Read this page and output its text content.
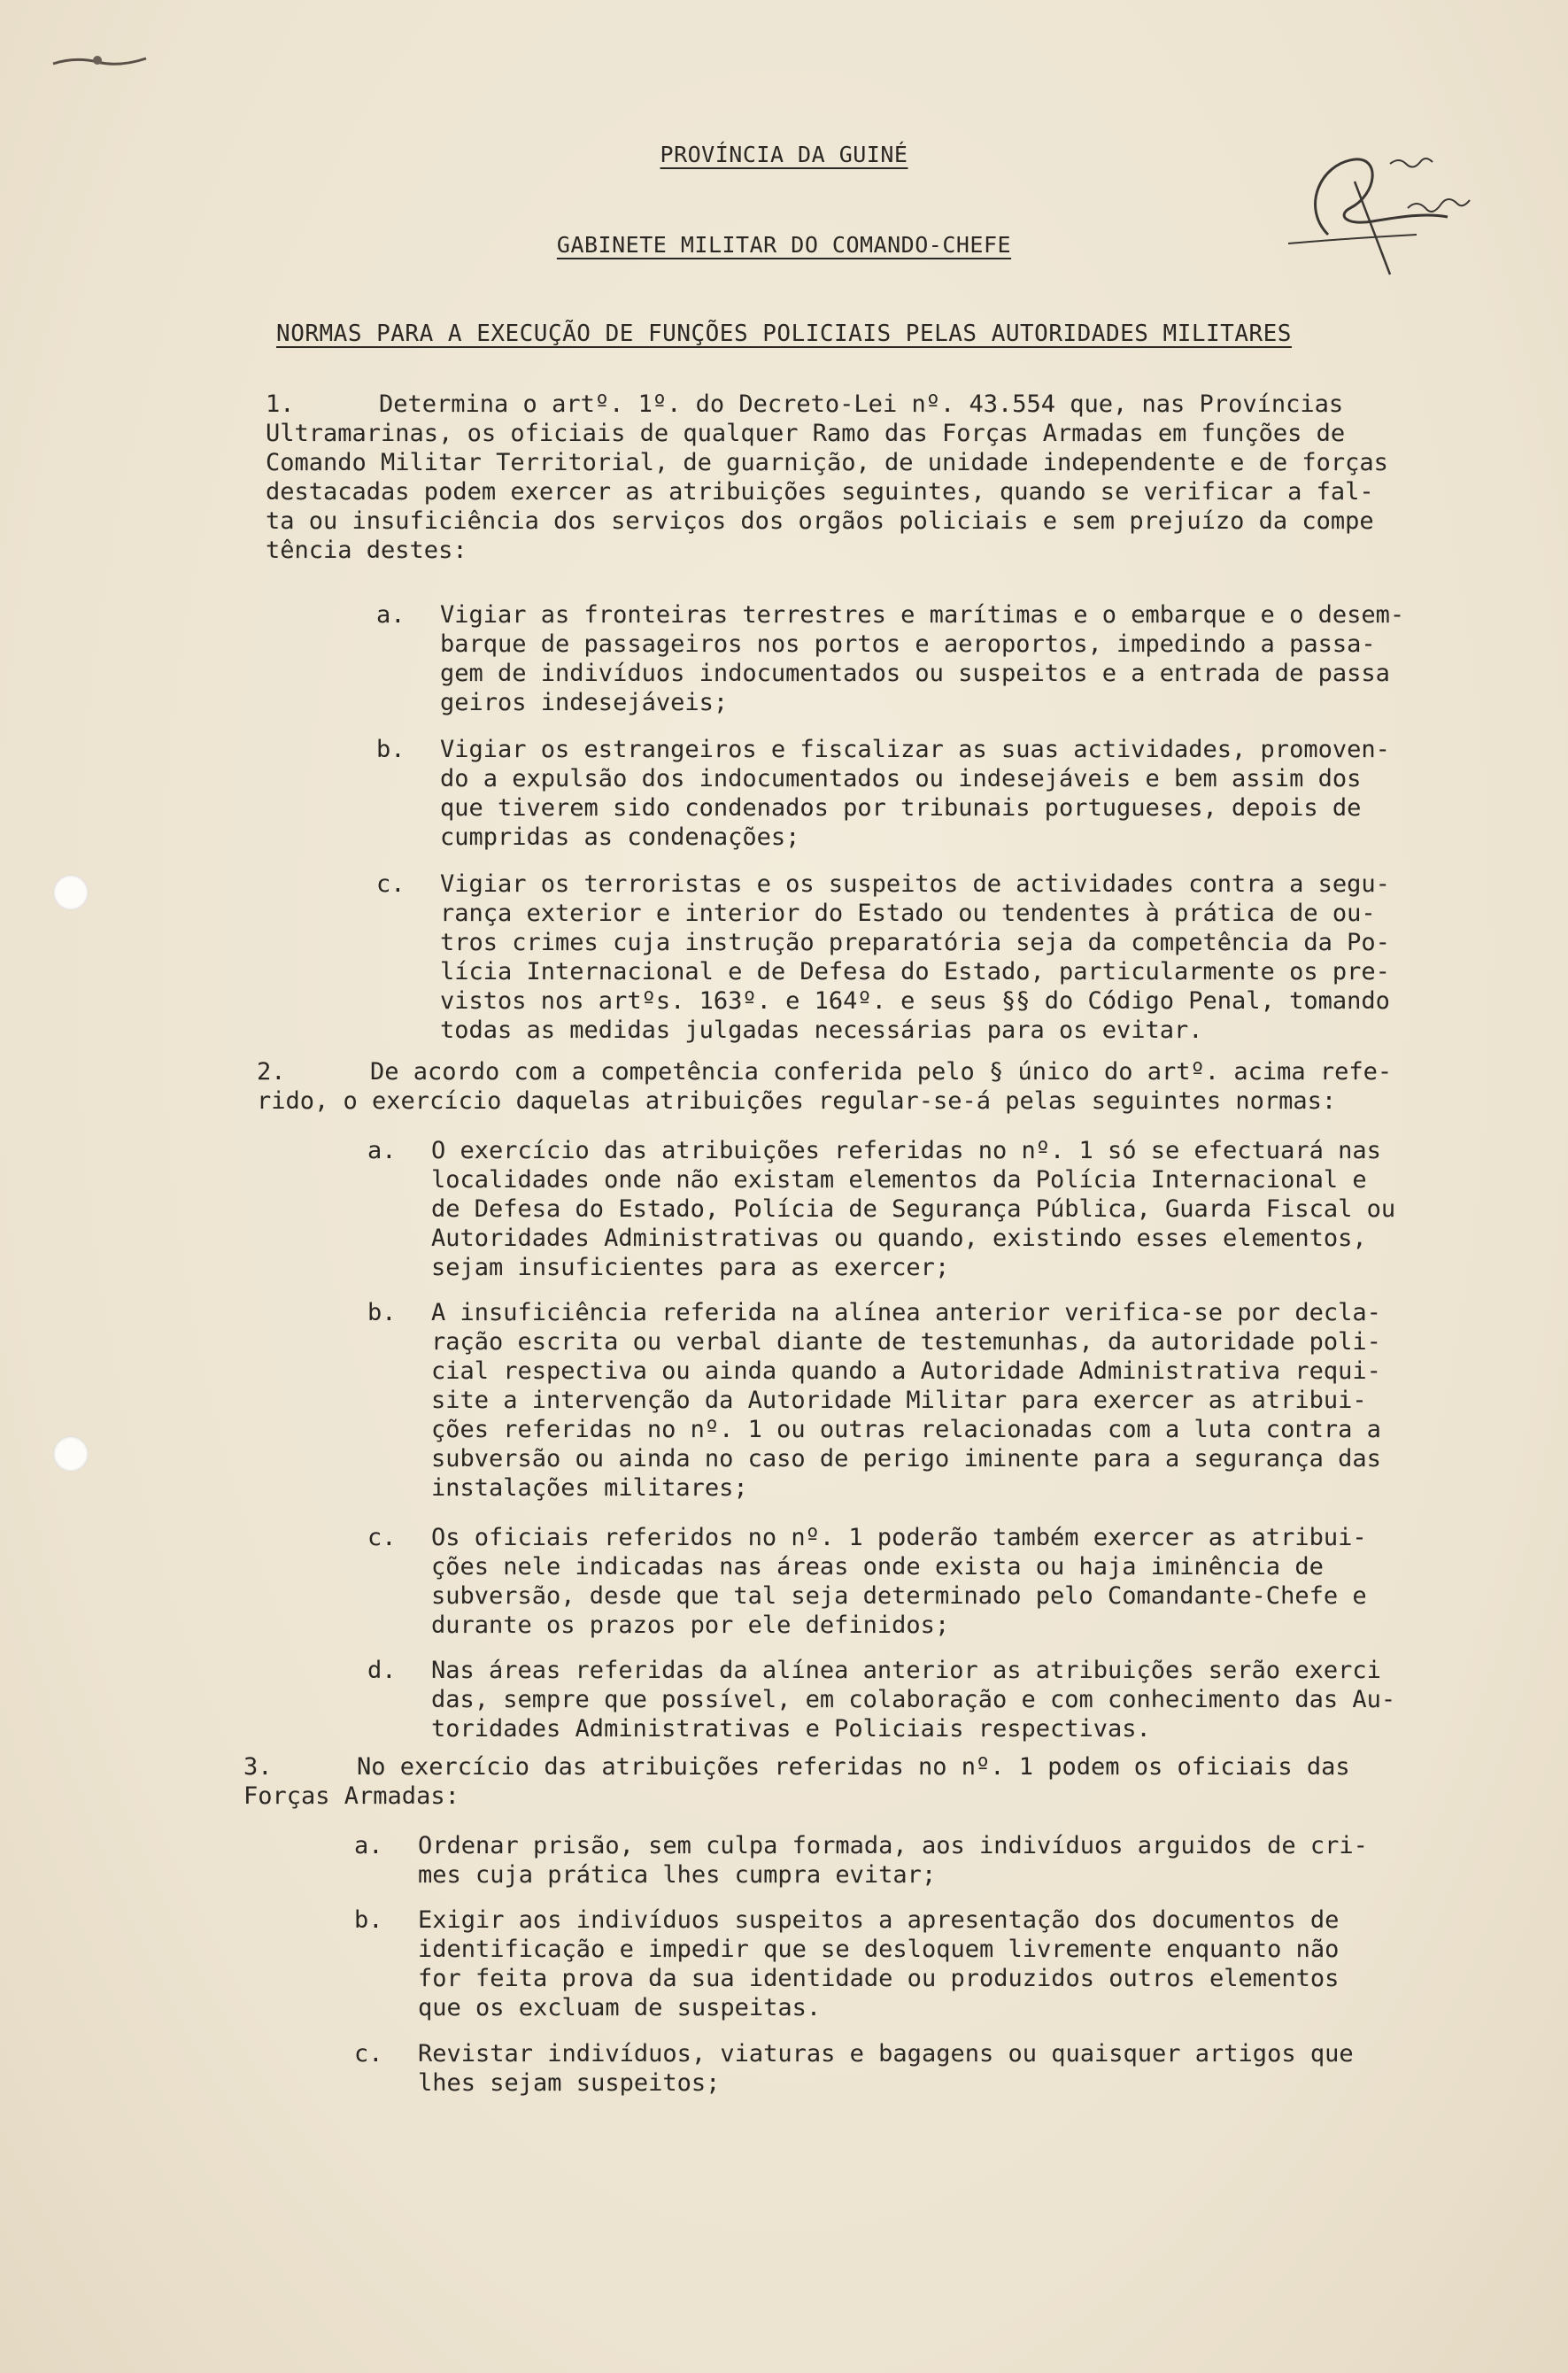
PROVÍNCIA DA GUINÉ
GABINETE MILITAR DO COMANDO-CHEFE
NORMAS PARA A EXECUÇÃO DE FUNÇÕES POLICIAIS PELAS AUTORIDADES MILITARES
1.	Determina o artº. 1º. do Decreto-Lei nº. 43.554 que, nas Províncias
Ultramarinas, os oficiais de qualquer Ramo das Forças Armadas em funções de
Comando Militar Territorial, de guarnição, de unidade independente e de forças
destacadas podem exercer as atribuições seguintes, quando se verificar a fal-
ta ou insuficiência dos serviços dos orgãos policiais e sem prejuízo da compe
tência destes:
a. Vigiar as fronteiras terrestres e marítimas e o embarque e o desem-
barque de passageiros nos portos e aeroportos, impedindo a passa-
gem de indivíduos indocumentados ou suspeitos e a entrada de passa
geiros indesejáveis;
b. Vigiar os estrangeiros e fiscalizar as suas actividades, promoven-
do a expulsão dos indocumentados ou indesejáveis e bem assim dos
que tiverem sido condenados por tribunais portugueses, depois de
cumpridas as condenações;
c. Vigiar os terroristas e os suspeitos de actividades contra a segu-
rança exterior e interior do Estado ou tendentes à prática de ou-
tros crimes cuja instrução preparatória seja da competência da Po-
lícia Internacional e de Defesa do Estado, particularmente os pre-
vistos nos artºs. 163º. e 164º. e seus §§ do Código Penal, tomando
todas as medidas julgadas necessárias para os evitar.
2.	De acordo com a competência conferida pelo § único do artº. acima refe-
rido, o exercício daquelas atribuições regular-se-á pelas seguintes normas:
a. O exercício das atribuições referidas no nº. 1 só se efectuará nas
localidades onde não existam elementos da Polícia Internacional e
de Defesa do Estado, Polícia de Segurança Pública, Guarda Fiscal ou
Autoridades Administrativas ou quando, existindo esses elementos,
sejam insuficientes para as exercer;
b. A insuficiência referida na alínea anterior verifica-se por decla-
ração escrita ou verbal diante de testemunhas, da autoridade poli-
cial respectiva ou ainda quando a Autoridade Administrativa requi-
site a intervenção da Autoridade Militar para exercer as atribui-
ções referidas no nº. 1 ou outras relacionadas com a luta contra a
subversão ou ainda no caso de perigo iminente para a segurança das
instalações militares;
c. Os oficiais referidos no nº. 1 poderão também exercer as atribui-
ções nele indicadas nas áreas onde exista ou haja iminência de
subversão, desde que tal seja determinado pelo Comandante-Chefe e
durante os prazos por ele definidos;
d. Nas áreas referidas da alínea anterior as atribuições serão exerci
das, sempre que possível, em colaboração e com conhecimento das Au-
toridades Administrativas e Policiais respectivas.
3.	No exercício das atribuições referidas no nº. 1 podem os oficiais das
Forças Armadas:
a. Ordenar prisão, sem culpa formada, aos indivíduos arguidos de cri-
mes cuja prática lhes cumpra evitar;
b. Exigir aos indivíduos suspeitos a apresentação dos documentos de
identificação e impedir que se desloquem livremente enquanto não
for feita prova da sua identidade ou produzidos outros elementos
que os excluam de suspeitas.
c. Revistar indivíduos, viaturas e bagagens ou quaisquer artigos que
lhes sejam suspeitos;
